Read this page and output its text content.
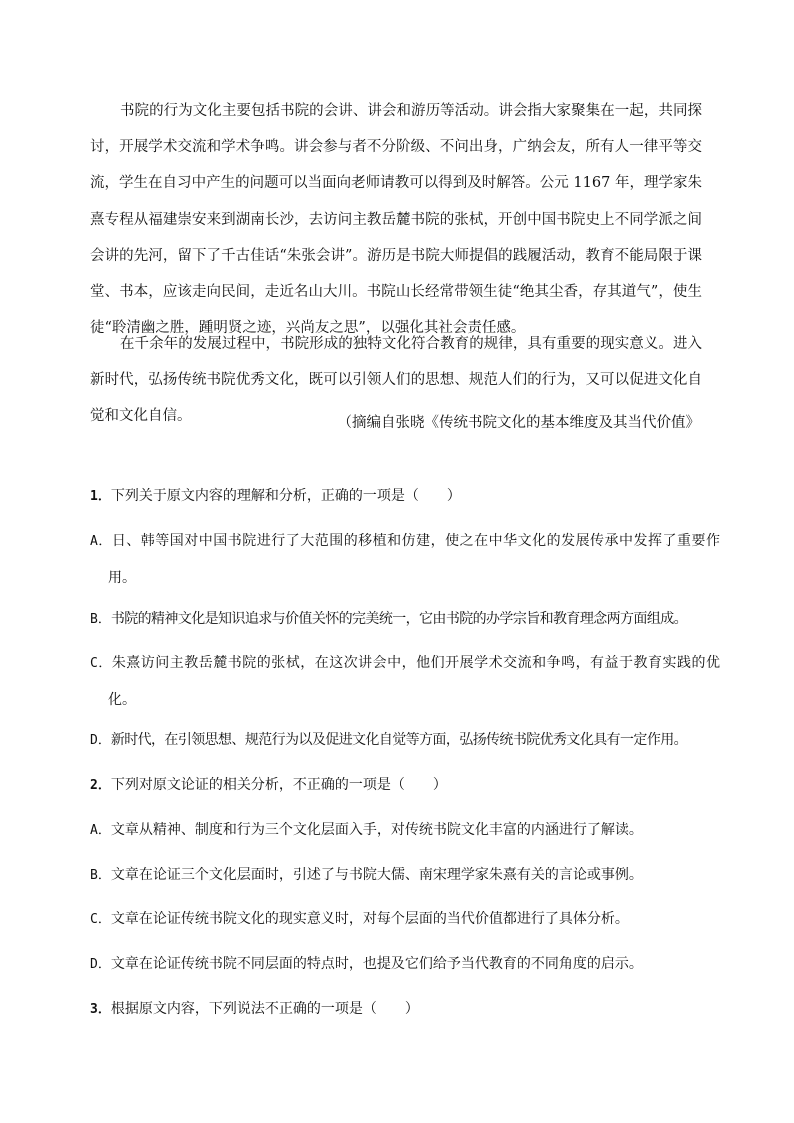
书院的行为文化主要包括书院的会讲、讲会和游历等活动。讲会指大家聚集在一起，共同探讨，开展学术交流和学术争鸣。讲会参与者不分阶级、不问出身，广纳会友，所有人一律平等交流，学生在自习中产生的问题可以当面向老师请教可以得到及时解答。公元 1167 年，理学家朱熹专程从福建崇安来到湖南长沙，去访问主教岳麓书院的张栻，开创中国书院史上不同学派之间会讲的先河，留下了千古佳话“朱张会讲”。游历是书院大师提倡的践履活动，教育不能局限于课堂、书本，应该走向民间，走近名山大川。书院山长经常带领生徒“绝其尘香，存其道气”，使生徒“聆清幽之胜，踵明贤之迹，兴尚友之思”，以强化其社会责任感。

在千余年的发展过程中，书院形成的独特文化符合教育的规律，具有重要的现实意义。进入新时代，弘扬传统书院优秀文化，既可以引领人们的思想、规范人们的行为，又可以促进文化自觉和文化自信。	（摘编自张晓《传统书院文化的基本维度及其当代价值》
1．下列关于原文内容的理解和分析，正确的一项是（　　）

A．日、韩等国对中国书院进行了大范围的移植和仿建，使之在中华文化的发展传承中发挥了重要作用。

B．书院的精神文化是知识追求与价值关怀的完美统一，它由书院的办学宗旨和教育理念两方面组成。

C．朱熹访问主教岳麓书院的张栻，在这次讲会中，他们开展学术交流和争鸣，有益于教育实践的优化。

D．新时代，在引领思想、规范行为以及促进文化自觉等方面，弘扬传统书院优秀文化具有一定作用。
2．下列对原文论证的相关分析，不正确的一项是（　　）
A．文章从精神、制度和行为三个文化层面入手，对传统书院文化丰富的内涵进行了解读。
B．文章在论证三个文化层面时，引述了与书院大儒、南宋理学家朱熹有关的言论或事例。
C．文章在论证传统书院文化的现实意义时，对每个层面的当代价值都进行了具体分析。
D．文章在论证传统书院不同层面的特点时，也提及它们给予当代教育的不同角度的启示。
3．根据原文内容，下列说法不正确的一项是（　　）
